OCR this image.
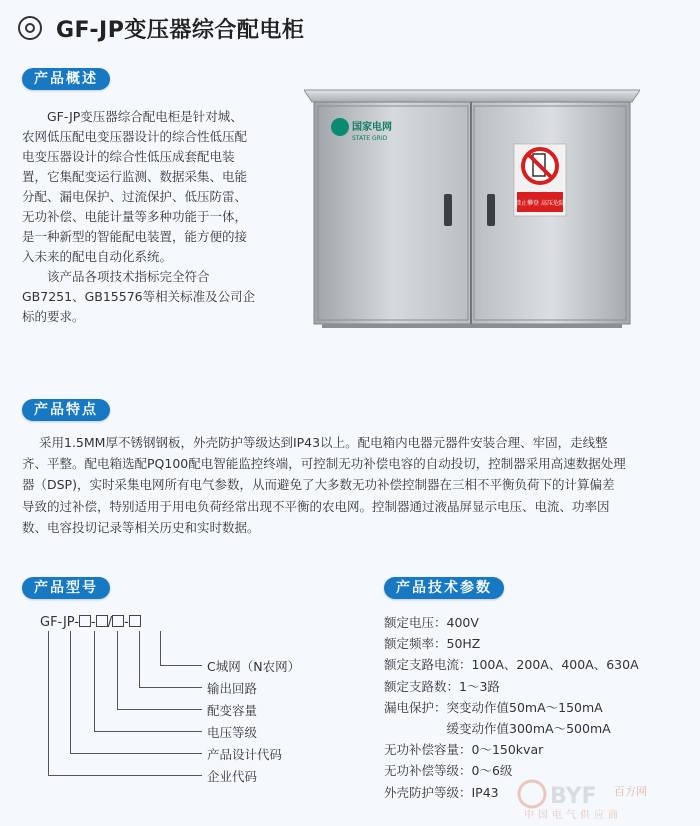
GF-JP变压器综合配电柜
产品概述

GF-JP变压器综合配电柜是针对城、

农网低压配电变压器设计的综合性低压配

电变压器设计的综合性低压成套配电装

置，它集配变运行监测、数据采集、电能

分配、漏电保护、过流保护、低压防雷、

无功补偿、电能计量等多种功能于一体，

是一种新型的智能配电装置，能方便的接

入未来的配电自动化系统。

该产品各项技术指标完全符合

GB7251、GB15576等相关标准及公司企

标的要求。

国家电网
STATE GRID
禁止攀登 高压危险
产品特点

采用1.5MM厚不锈钢钢板，外壳防护等级达到IP43以上。配电箱内电器元器件安装合理、牢固，走线整

齐、平整。配电箱选配PQ100配电智能监控终端，可控制无功补偿电容的自动投切，控制器采用高速数据处理

器（DSP)，实时采集电网所有电气参数，从而避免了大多数无功补偿控制器在三相不平衡负荷下的计算偏差

导致的过补偿，特别适用于用电负荷经常出现不平衡的农电网。控制器通过液晶屏显示电压、电流、功率因

数、电容投切记录等相关历史和实时数据。

产品型号
GF-JP- - / -
C城网（N农网）
输出回路
配变容量
电压等级
产品设计代码
企业代码
产品技术参数
额定电压：400V
额定频率：50HZ
额定支路电流：100A、200A、400A、630A
额定支路数：1～3路
漏电保护：突变动作值50mA～150mA
　　　　　缓变动作值300mA～500mA
无功补偿容量：0～150kvar
无功补偿等级：0～6级
外壳防护等级：IP43	BYF 百方网
中国电气供应商
